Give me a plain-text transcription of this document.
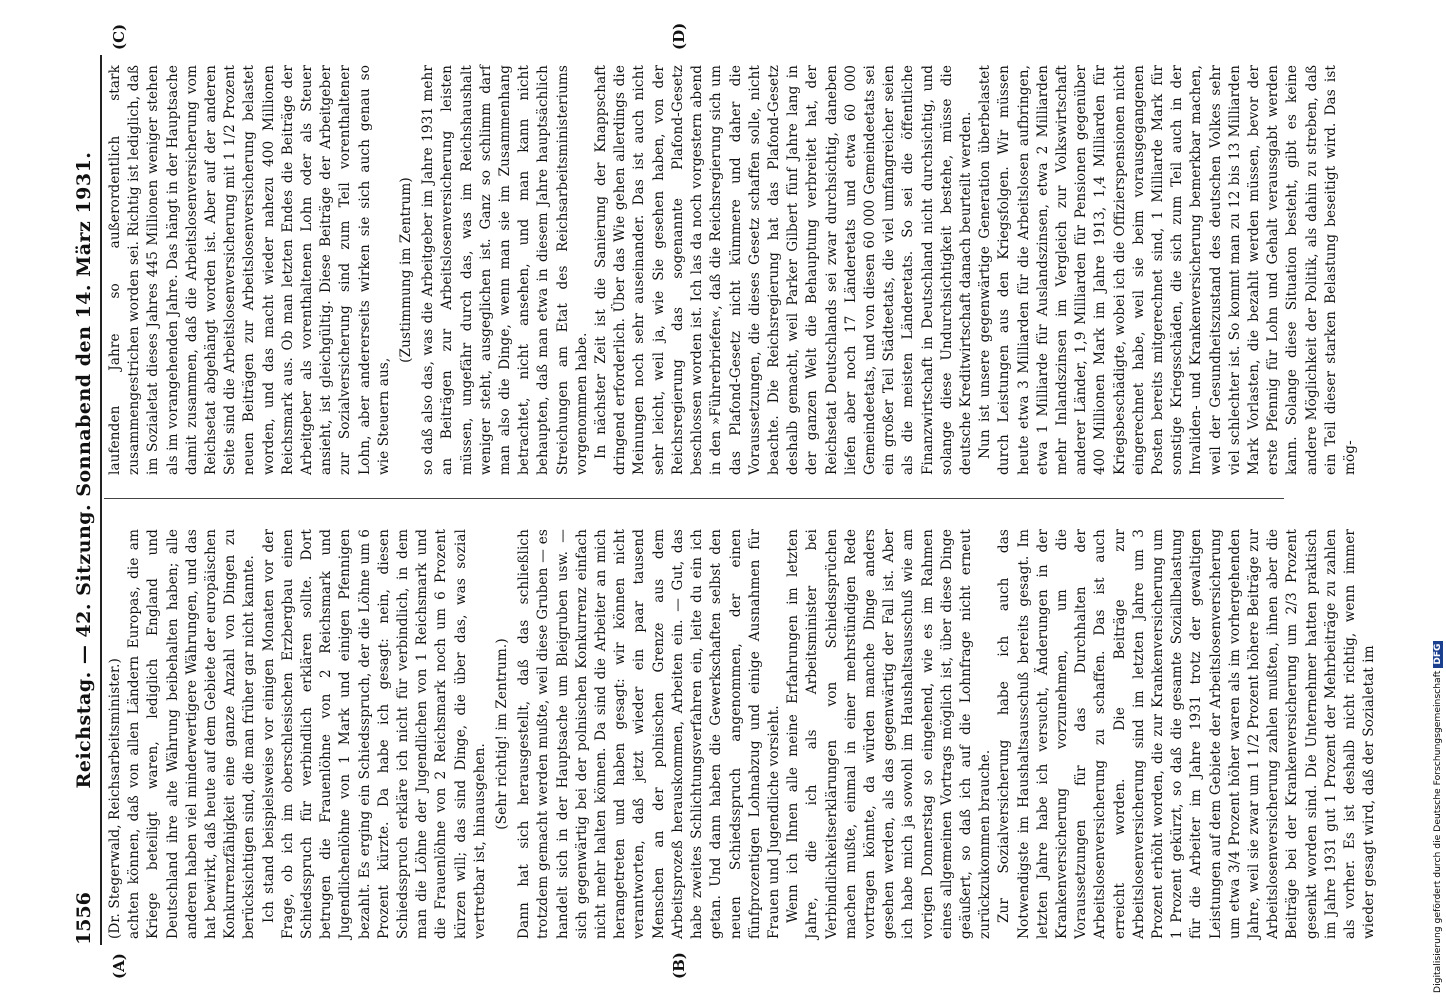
1556
Reichstag. — 42. Sitzung. Sonnabend den 14. März 1931.

(Dr. Stegerwald, Reichsarbeitsminister.) achten können, daß von allen Ländern Europas, die am Kriege beteiligt waren, lediglich England und Deutschland ihre alte Währung beibehalten haben; alle anderen haben viel minderwertigere Währungen, und das hat bewirkt, daß heute auf dem Gebiete der europäischen Konkurrenzfähigkeit eine ganze Anzahl von Dingen zu berücksichtigen sind, die man früher gar nicht kannte. Ich stand beispielsweise vor einigen Monaten vor der Frage, ob ich im oberschlesischen Erzbergbau einen Schiedsspruch für verbindlich erklären sollte. Dort betrugen die Frauenlöhne von 2 Reichsmark und Jugendlichenlöhne von 1 Mark und einigen Pfennigen bezahlt. Es erging ein Schiedsspruch, der die Löhne um 6 Prozent kürzte. Da habe ich gesagt: nein, diesen Schiedsspruch erkläre ich nicht für verbindlich, in dem man die Löhne der Jugendlichen von 1 Reichsmark und die Frauenlöhne von 2 Reichsmark noch um 6 Prozent kürzen will; das sind Dinge, die über das, was sozial vertretbar ist, hinausgehen.

(Sehr richtig! im Zentrum.) Dann hat sich herausgestellt, daß das schließlich trotzdem gemacht werden mußte, weil diese Gruben — es handelt sich in der Hauptsache um Bleigruben usw. — sich gegenwärtig bei der polnischen Konkurrenz einfach nicht mehr halten können. Da sind die Arbeiter an mich herangetreten und haben gesagt: wir können nicht verantworten, daß jetzt wieder ein paar tausend Menschen an der polnischen Grenze aus dem Arbeitsprozeß herauskommen, Arbeiten ein. — Gut, das habe zweites Schlichtungsverfahren ein, leite du ein ich getan. Und dann haben die Gewerkschaften selbst den neuen Schiedsspruch angenommen, der einen fünfprozentigen Lohnabzug und einige Ausnahmen für Frauen und Jugendliche vorsieht. Wenn ich Ihnen alle meine Erfahrungen im letzten Jahre, die ich als Arbeitsminister bei Verbindlichkeitserklärungen von Schiedssprüchen machen mußte, einmal in einer mehrstündigen Rede vortragen könnte, da würden manche Dinge anders gesehen werden, als das gegenwärtig der Fall ist. Aber ich habe mich ja sowohl im Haushaltsausschuß wie am vorigen Donnerstag so eingehend, wie es im Rahmen eines allgemeinen Vortrags möglich ist, über diese Dinge geäußert, so daß ich auf die Lohnfrage nicht erneut zurückzukommen brauche. Zur Sozialversicherung habe ich auch das Notwendigste im Haushaltsausschuß bereits gesagt. Im letzten Jahre habe ich versucht, Änderungen in der Krankenversicherung vorzunehmen, um die Voraussetzungen für das Durchhalten der Arbeitslosenversicherung zu schaffen. Das ist auch erreicht worden. Die Beiträge zur Arbeitslosenversicherung sind im letzten Jahre um 3 Prozent erhöht worden, die zur Krankenversicherung um 1 Prozent gekürzt, so daß die gesamte Soziallbelastung für die Arbeiter im Jahre 1931 trotz der gewaltigen Leistungen auf dem Gebiete der Arbeitslosenversicherung um etwa 3/4 Prozent höher waren als im vorhergehenden Jahre, weil sie zwar um 1 1/2 Prozent höhere Beiträge zur Arbeitslosenversicherung zahlen mußten, ihnen aber die Beiträge bei der Krankenversicherung um 2/3 Prozent gesenkt worden sind. Die Unternehmer hatten praktisch im Jahre 1931 gut 1 Prozent der Mehrbeiträge zu zahlen als vorher. Es ist deshalb nicht richtig, wenn immer wieder gesagt wird, daß der Sozialetat im

laufenden Jahre so außerordentlich stark zusammengestrichen worden sei. Richtig ist lediglich, daß im Sozialetat dieses Jahres 445 Millionen weniger stehen als im vorangehenden Jahre. Das hängt in der Hauptsache damit zusammen, daß die Arbeitslosenversicherung vom Reichsetat abgehängt worden ist. Aber auf der anderen Seite sind die Arbeitslosenversicherung mit 1 1/2 Prozent neuen Beiträgen zur Arbeitslosenversicherung belastet worden, und das macht wieder nahezu 400 Millionen Reichsmark aus. Ob man letzten Endes die Beiträge der Arbeitgeber als vorenthaltenen Lohn oder als Steuer ansieht, ist gleichgültig. Diese Beiträge der Arbeitgeber zur Sozialversicherung sind zum Teil vorenthaltener Lohn, aber andererseits wirken sie sich auch genau so wie Steuern aus,

(Zustimmung im Zentrum) so daß also das, was die Arbeitgeber im Jahre 1931 mehr an Beiträgen zur Arbeitslosenversicherung leisten müssen, ungefähr durch das, was im Reichshaushalt weniger steht, ausgeglichen ist. Ganz so schlimm darf man also die Dinge, wenn man sie im Zusammenhang betrachtet, nicht ansehen, und man kann nicht behaupten, daß man etwa in diesem Jahre hauptsächlich Streichungen am Etat des Reichsarbeitsministeriums vorgenommen habe. In nächster Zeit ist die Sanierung der Knappschaft dringend erforderlich. Über das Wie gehen allerdings die Meinungen noch sehr auseinander. Das ist auch nicht sehr leicht, weil ja, wie Sie gesehen haben, von der Reichsregierung das sogenannte Plafond-Gesetz beschlossen worden ist. Ich las da noch vorgestern abend in den »Führerbriefen«, daß die Reichsregierung sich um das Plafond-Gesetz nicht kümmere und daher die Voraussetzungen, die dieses Gesetz schaffen solle, nicht beachte. Die Reichsregierung hat das Plafond-Gesetz deshalb gemacht, weil Parker Gilbert fünf Jahre lang in der ganzen Welt die Behauptung verbreitet hat, der Reichsetat Deutschlands sei zwar durchsichtig, daneben liefen aber noch 17 Länderetats und etwa 60 000 Gemeindeetats, und von diesen 60 000 Gemeindeetats sei ein großer Teil Städteetats, die viel umfangreicher seien als die meisten Länderetats. So sei die öffentliche Finanzwirtschaft in Deutschland nicht durchsichtig, und solange diese Undurchsichtigkeit bestehe, müsse die deutsche Kreditwirtschaft danach beurteilt werden. Nun ist unsere gegenwärtige Generation überbelastet durch Leistungen aus den Kriegsfolgen. Wir müssen heute etwa 3 Milliarden für die Arbeitslosen aufbringen, etwa 1 Milliarde für Auslandszinsen, etwa 2 Milliarden mehr Inlandszinsen im Vergleich zur Volkswirtschaft anderer Länder, 1,9 Milliarden für Pensionen gegenüber 400 Millionen Mark im Jahre 1913, 1,4 Milliarden für Kriegsbeschädigte, wobei ich die Offizierspensionen nicht eingerechnet habe, weil sie beim vorausgegangenen Posten bereits mitgerechnet sind, 1 Milliarde Mark für sonstige Kriegsschäden, die sich zum Teil auch in der Invaliden- und Krankenversicherung bemerkbar machen, weil der Gesundheitszustand des deutschen Volkes sehr viel schlechter ist. So kommt man zu 12 bis 13 Milliarden Mark Vorlasten, die bezahlt werden müssen, bevor der erste Pfennig für Lohn und Gehalt veraussgabt werden kann. Solange diese Situation besteht, gibt es keine andere Möglichkeit der Politik, als dahin zu streben, daß ein Teil dieser starken Belastung beseitigt wird. Das ist mög-

(A)	(B)
(C)	(D)
Digitalisierung gefördert durch die Deutsche ForschungsgemeinschaftDFG
